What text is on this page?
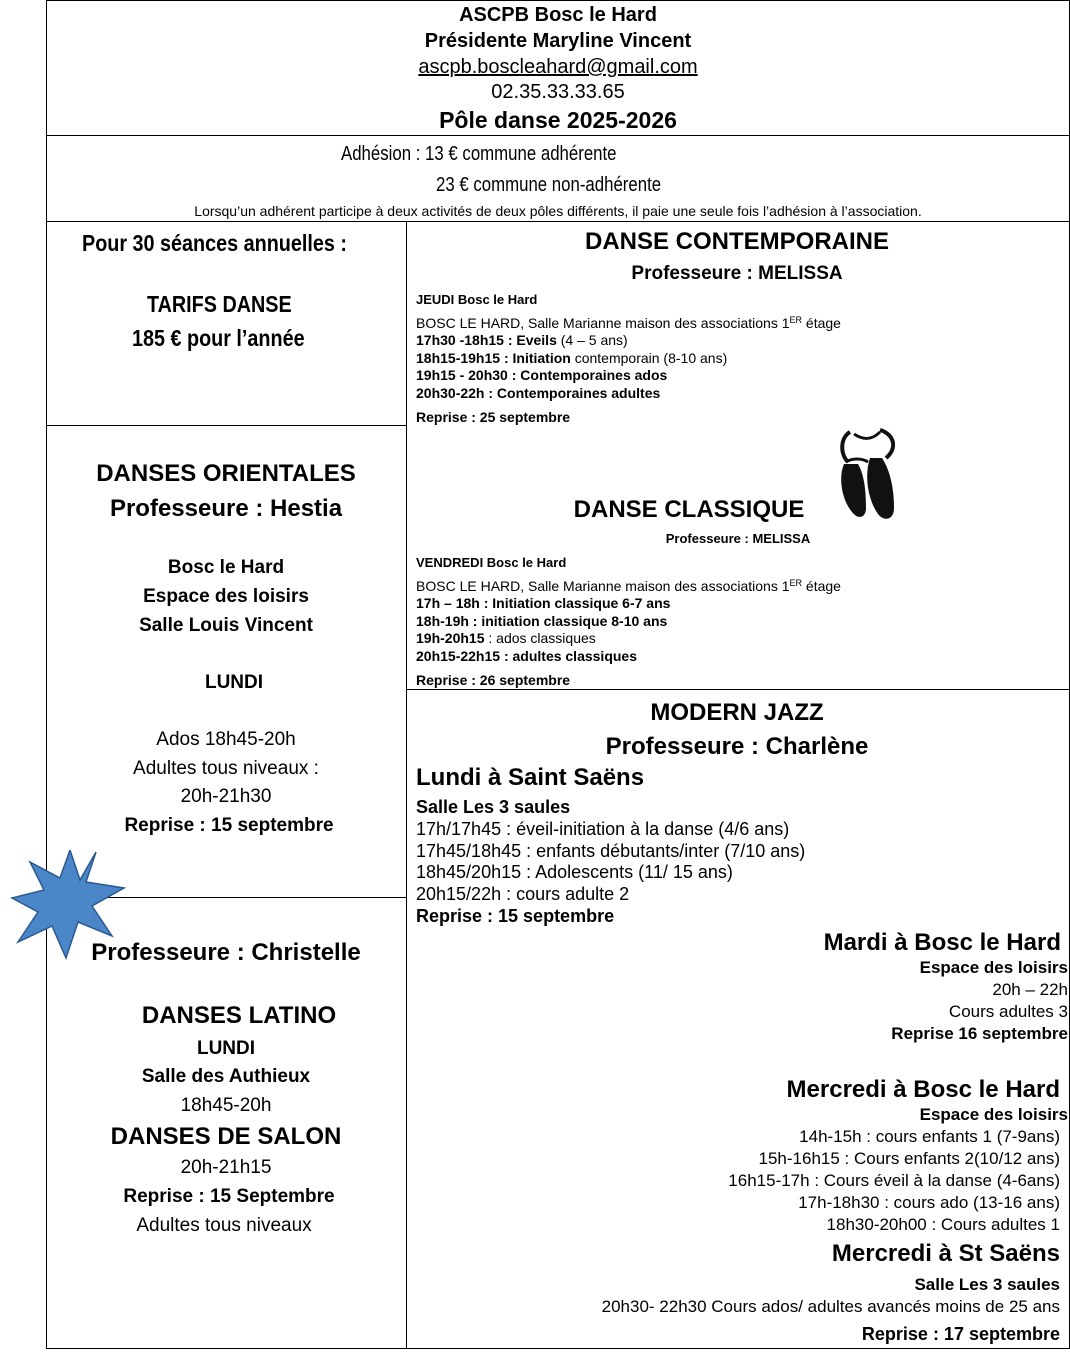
ASCPB Bosc le Hard
Présidente Maryline Vincent
ascpb.boscleahard@gmail.com
02.35.33.33.65
Pôle danse 2025-2026
Adhésion : 13 € commune adhérente
23 € commune non-adhérente
Lorsqu’un adhérent participe à deux activités de deux pôles différents, il paie une seule fois l’adhésion à l’association.
Pour 30 séances annuelles :
TARIFS DANSE
185 € pour l’année
DANSES ORIENTALES
Professeure : Hestia
Bosc le Hard
Espace des loisirs
Salle Louis Vincent
LUNDI
Ados 18h45-20h
Adultes tous niveaux :
20h-21h30
Reprise : 15 septembre
Professeure : Christelle
DANSES LATINO
LUNDI
Salle des Authieux
18h45-20h
DANSES DE SALON
20h-21h15
Reprise : 15 Septembre
Adultes tous niveaux
DANSE CONTEMPORAINE
Professeure : MELISSA
JEUDI Bosc le Hard
BOSC LE HARD, Salle Marianne maison des associations 1ER étage
17h30 -18h15 : Eveils (4 – 5 ans)
18h15-19h15 : Initiation contemporain (8-10 ans)
19h15 - 20h30 : Contemporaines ados
20h30-22h : Contemporaines adultes
Reprise : 25 septembre
DANSE CLASSIQUE
Professeure : MELISSA
VENDREDI Bosc le Hard
BOSC LE HARD, Salle Marianne maison des associations 1ER étage
17h – 18h : Initiation classique 6-7 ans
18h-19h : initiation classique 8-10 ans
19h-20h15 : ados classiques
20h15-22h15 : adultes classiques
Reprise : 26 septembre
MODERN JAZZ
Professeure : Charlène
Lundi à Saint Saëns
Salle Les 3 saules
17h/17h45 : éveil-initiation à la danse (4/6 ans)
17h45/18h45 : enfants débutants/inter (7/10 ans)
18h45/20h15 : Adolescents (11/ 15 ans)
20h15/22h : cours adulte 2
Reprise : 15 septembre
Mardi à Bosc le Hard
Espace des loisirs
20h – 22h
Cours adultes 3
Reprise 16 septembre
Mercredi à Bosc le Hard
Espace des loisirs
14h-15h : cours enfants 1 (7-9ans)
15h-16h15 : Cours enfants 2(10/12 ans)
16h15-17h : Cours éveil à la danse (4-6ans)
17h-18h30 : cours ado (13-16 ans)
18h30-20h00 : Cours adultes 1
Mercredi à St Saëns
Salle Les 3 saules
20h30- 22h30 Cours ados/ adultes avancés moins de 25 ans
Reprise : 17 septembre
